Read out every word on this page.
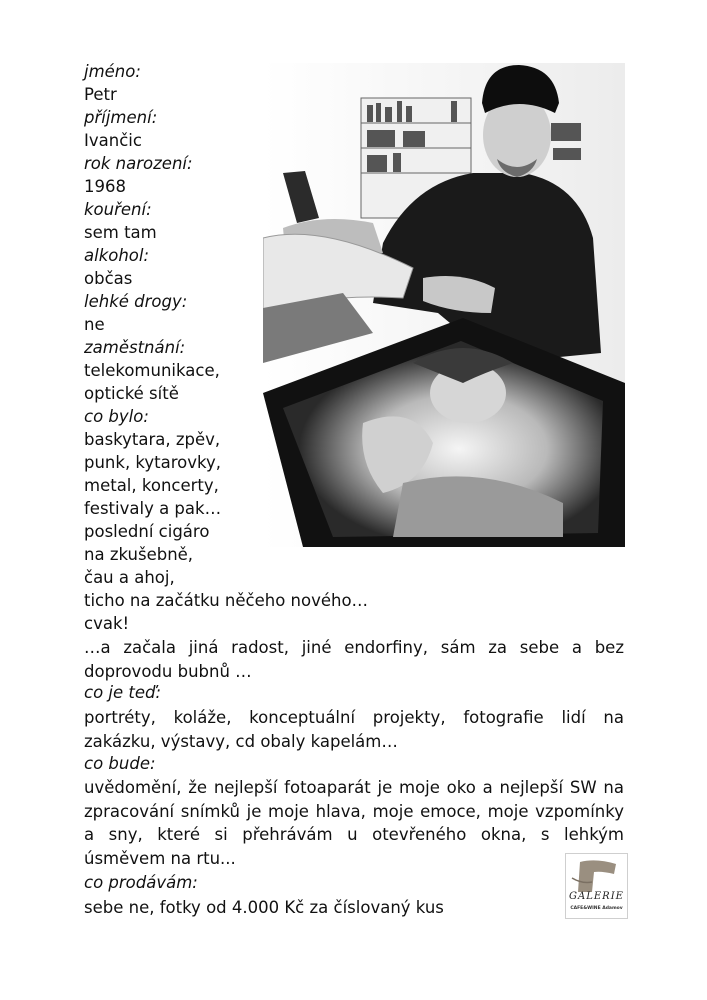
jméno:
Petr
příjmení:
Ivančic
rok narození:
1968
kouření:
sem tam
alkohol:
občas
lehké drogy:
ne
zaměstnání:
telekomunikace,
optické sítě
co bylo:
baskytara, zpěv,
punk, kytarovky,
metal, koncerty,
festivaly a pak…
poslední cigáro
na zkušebně,
čau a ahoj,
ticho na začátku něčeho nového…
cvak!
…a začala jiná radost, jiné endorfiny, sám za sebe a bez doprovodu bubnů …
co je teď:
portréty, koláže, konceptuální projekty, fotografie lidí na zakázku, výstavy, cd obaly kapelám…
co bude:
uvědomění, že nejlepší fotoaparát je moje oko a nejlepší SW na zpracování snímků je moje hlava, moje emoce, moje vzpomínky a sny, které si přehrávám u otevřeného okna, s lehkým úsměvem na rtu...
co prodávám:
sebe ne, fotky od 4.000 Kč za číslovaný kus
GALERIE
CAFE&WINE Adamov
